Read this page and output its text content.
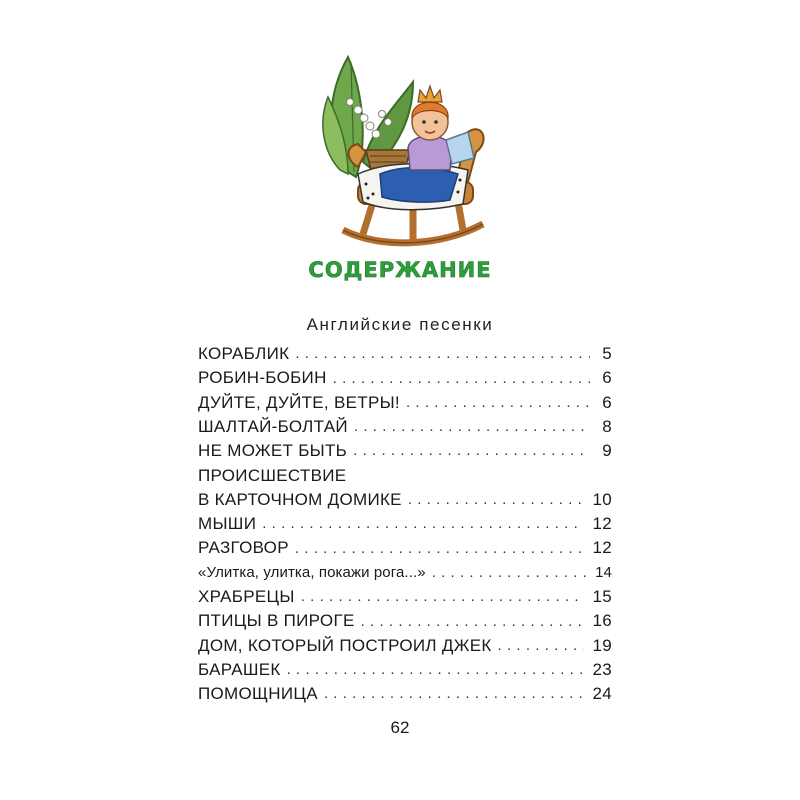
СОДЕРЖАНИЕ
Английские песенки
КОРАБЛИК . . .	5
РОБИН-БОБИН . . .	6
ДУЙТЕ, ДУЙТЕ, ВЕТРЫ! . . .	6
ШАЛТАЙ-БОЛТАЙ . . .	8
НЕ МОЖЕТ БЫТЬ . . .	9
ПРОИСШЕСТВИЕ
В КАРТОЧНОМ ДОМИКЕ . . .	10
МЫШИ . . .	12
РАЗГОВОР . . .	12
«Улитка, улитка, покажи рога...» . . .	14
ХРАБРЕЦЫ . . .	15
ПТИЦЫ В ПИРОГЕ . . .	16
ДОМ, КОТОРЫЙ ПОСТРОИЛ ДЖЕК . . .	19
БАРАШЕК . . .	23
ПОМОЩНИЦА . . .	24
62
